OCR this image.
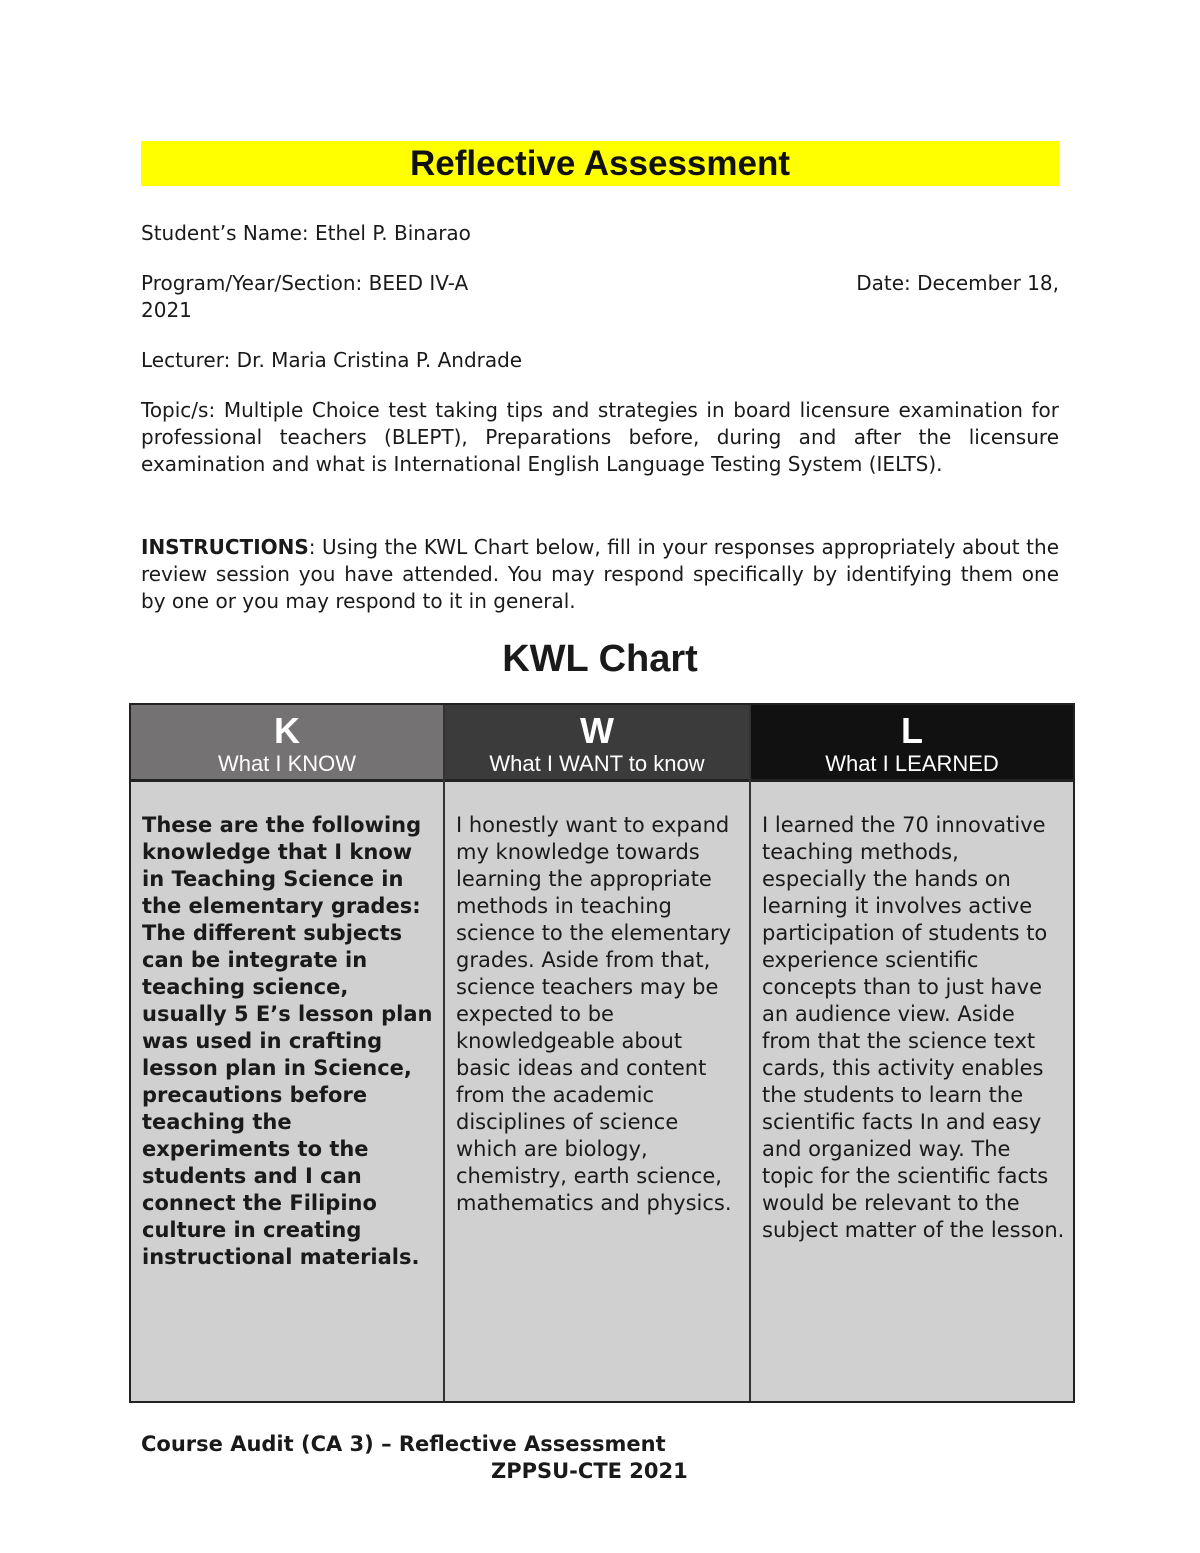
Reflective Assessment
Student’s Name: Ethel P. Binarao
Program/Year/Section: BEED IV-A	Date: December 18,
2021
Lecturer: Dr. Maria Cristina P. Andrade
Topic/s: Multiple Choice test taking tips and strategies in board licensure examination for professional teachers (BLEPT), Preparations before, during and after the licensure examination and what is International English Language Testing System (IELTS).
INSTRUCTIONS: Using the KWL Chart below, fill in your responses appropriately about the review session you have attended. You may respond specifically by identifying them one by one or you may respond to it in general.
KWL Chart
K
What I KNOW
These are the following knowledge that I know in Teaching Science in the elementary grades: The different subjects can be integrate in teaching science, usually 5 E’s lesson plan was used in crafting lesson plan in Science, precautions before teaching the experiments to the students and I can connect the Filipino culture in creating instructional materials.
W
What I WANT to know
I honestly want to expand my knowledge towards learning the appropriate methods in teaching science to the elementary grades. Aside from that, science teachers may be expected to be knowledgeable about basic ideas and content from the academic disciplines of science which are biology, chemistry, earth science, mathematics and physics.
L
What I LEARNED
I learned the 70 innovative teaching methods, especially the hands on learning it involves active participation of students to experience scientific concepts than to just have an audience view. Aside from that the science text cards, this activity enables the students to learn the scientific facts In and easy and organized way. The topic for the scientific facts would be relevant to the subject matter of the lesson.
Course Audit (CA 3) – Reflective Assessment
ZPPSU-CTE 2021
